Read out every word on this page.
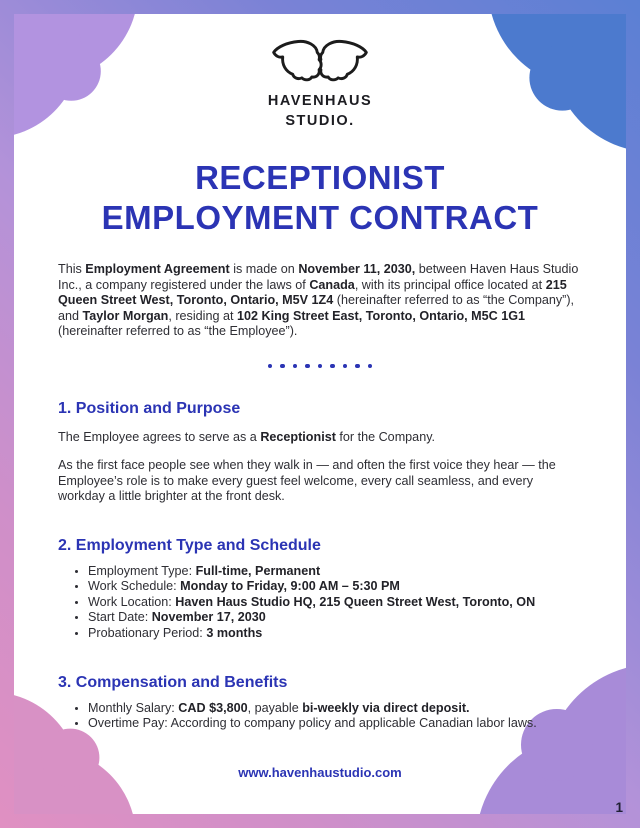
HAVENHAUS
STUDIO.
RECEPTIONIST
EMPLOYMENT CONTRACT

This Employment Agreement is made on November 11, 2030, between Haven Haus Studio Inc., a company registered under the laws of Canada, with its principal office located at 215 Queen Street West, Toronto, Ontario, M5V 1Z4 (hereinafter referred to as “the Company”), and Taylor Morgan, residing at 102 King Street East, Toronto, Ontario, M5C 1G1 (hereinafter referred to as “the Employee”).

1. Position and Purpose

The Employee agrees to serve as a Receptionist for the Company.

As the first face people see when they walk in — and often the first voice they hear — the Employee’s role is to make every guest feel welcome, every call seamless, and every workday a little brighter at the front desk.

2. Employment Type and Schedule
• Employment Type: Full-time, Permanent
• Work Schedule: Monday to Friday, 9:00 AM – 5:30 PM
• Work Location: Haven Haus Studio HQ, 215 Queen Street West, Toronto, ON
• Start Date: November 17, 2030
• Probationary Period: 3 months
3. Compensation and Benefits
• Monthly Salary: CAD $3,800, payable bi-weekly via direct deposit.
• Overtime Pay: According to company policy and applicable Canadian labor laws.
www.havenhaustudio.com
1
